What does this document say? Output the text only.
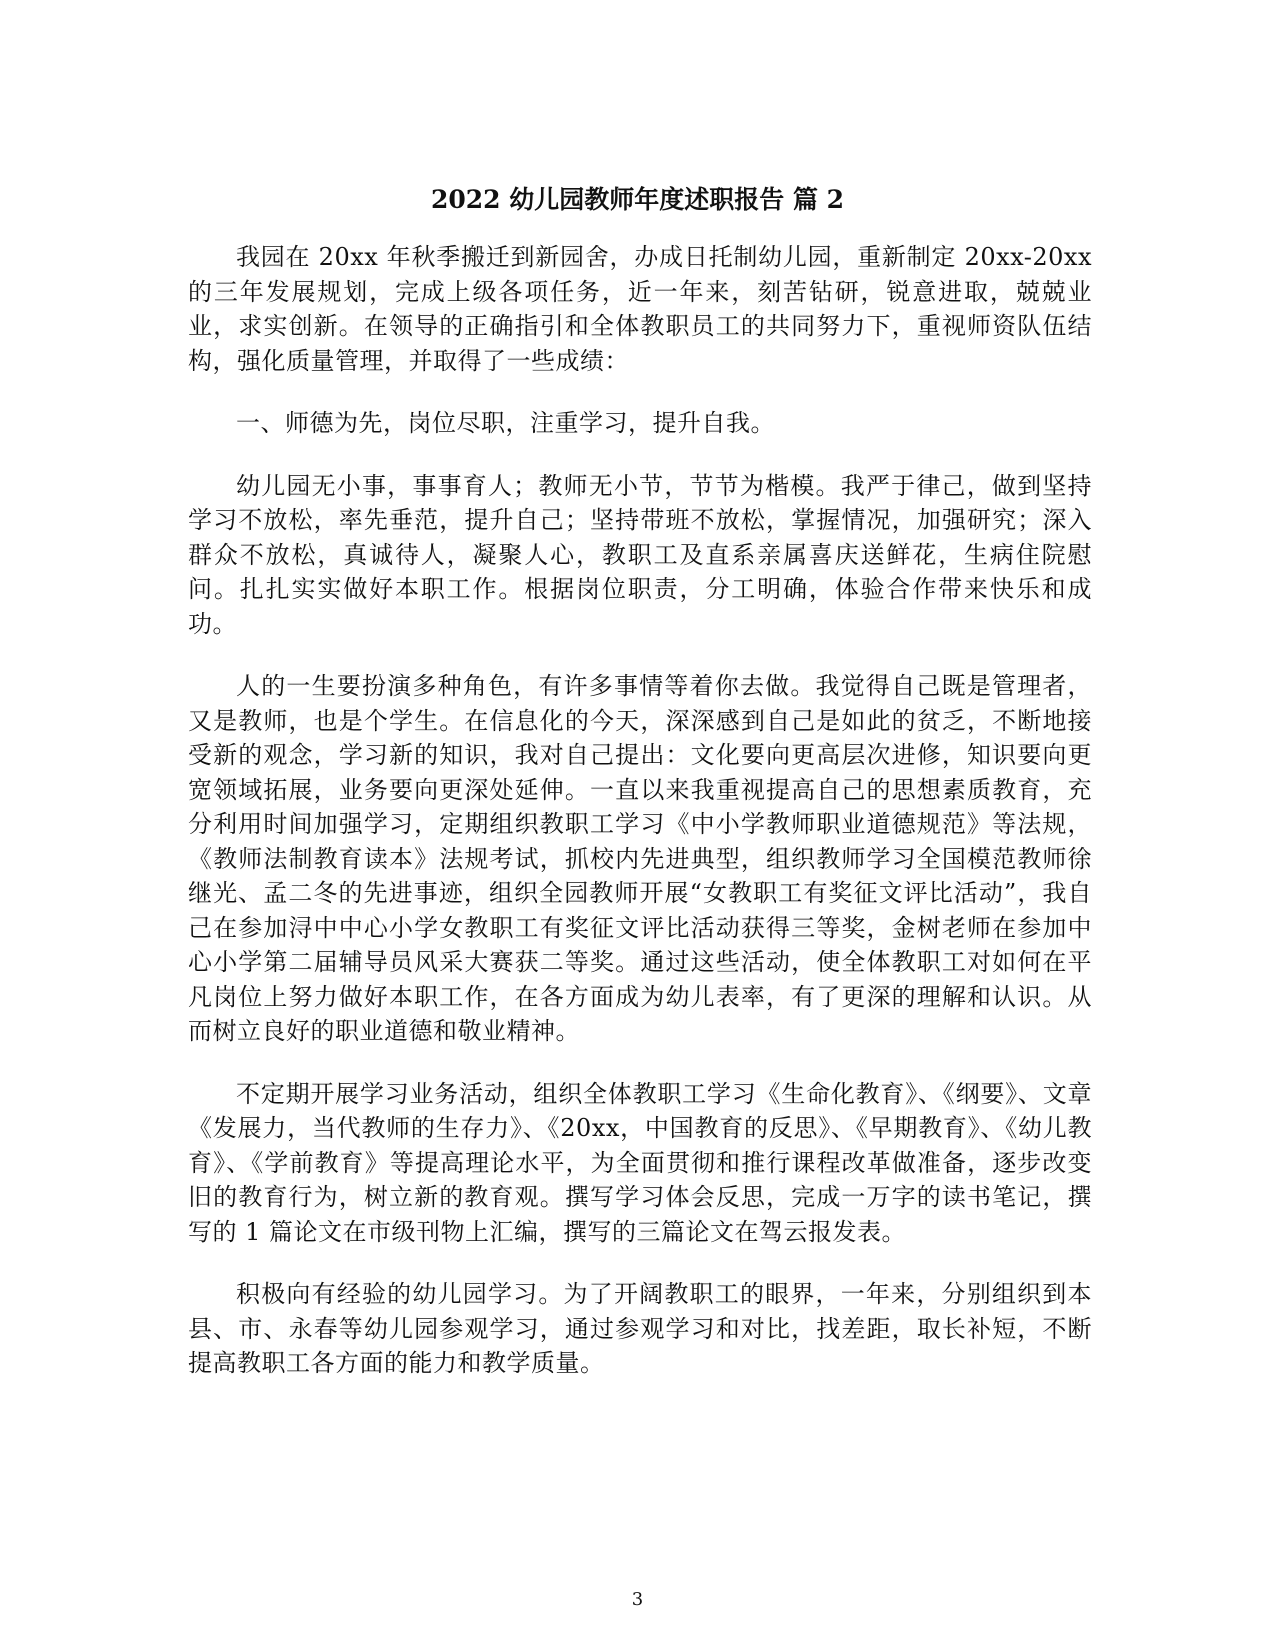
2022 幼儿园教师年度述职报告 篇 2

我园在 20xx 年秋季搬迁到新园舍，办成日托制幼儿园，重新制定 20xx-20xx 的三年发展规划，完成上级各项任务，近一年来，刻苦钻研，锐意进取，兢兢业业，求实创新。在领导的正确指引和全体教职员工的共同努力下，重视师资队伍结构，强化质量管理，并取得了一些成绩：

一、师德为先，岗位尽职，注重学习，提升自我。

幼儿园无小事，事事育人；教师无小节，节节为楷模。我严于律己，做到坚持学习不放松，率先垂范，提升自己；坚持带班不放松，掌握情况，加强研究；深入群众不放松，真诚待人，凝聚人心，教职工及直系亲属喜庆送鲜花，生病住院慰问。扎扎实实做好本职工作。根据岗位职责，分工明确，体验合作带来快乐和成功。

人的一生要扮演多种角色，有许多事情等着你去做。我觉得自己既是管理者，又是教师，也是个学生。在信息化的今天，深深感到自己是如此的贫乏，不断地接受新的观念，学习新的知识，我对自己提出：文化要向更高层次进修，知识要向更宽领域拓展，业务要向更深处延伸。一直以来我重视提高自己的思想素质教育，充分利用时间加强学习，定期组织教职工学习《中小学教师职业道德规范》等法规，《教师法制教育读本》法规考试，抓校内先进典型，组织教师学习全国模范教师徐继光、孟二冬的先进事迹，组织全园教师开展“女教职工有奖征文评比活动”，我自己在参加浔中中心小学女教职工有奖征文评比活动获得三等奖，金树老师在参加中心小学第二届辅导员风采大赛获二等奖。通过这些活动，使全体教职工对如何在平凡岗位上努力做好本职工作，在各方面成为幼儿表率，有了更深的理解和认识。从而树立良好的职业道德和敬业精神。

不定期开展学习业务活动，组织全体教职工学习《生命化教育》、《纲要》、文章《发展力，当代教师的生存力》、《20xx，中国教育的反思》、《早期教育》、《幼儿教育》、《学前教育》等提高理论水平，为全面贯彻和推行课程改革做准备，逐步改变旧的教育行为，树立新的教育观。撰写学习体会反思，完成一万字的读书笔记，撰写的 1 篇论文在市级刊物上汇编，撰写的三篇论文在驾云报发表。

积极向有经验的幼儿园学习。为了开阔教职工的眼界，一年来，分别组织到本县、市、永春等幼儿园参观学习，通过参观学习和对比，找差距，取长补短，不断提高教职工各方面的能力和教学质量。

3
